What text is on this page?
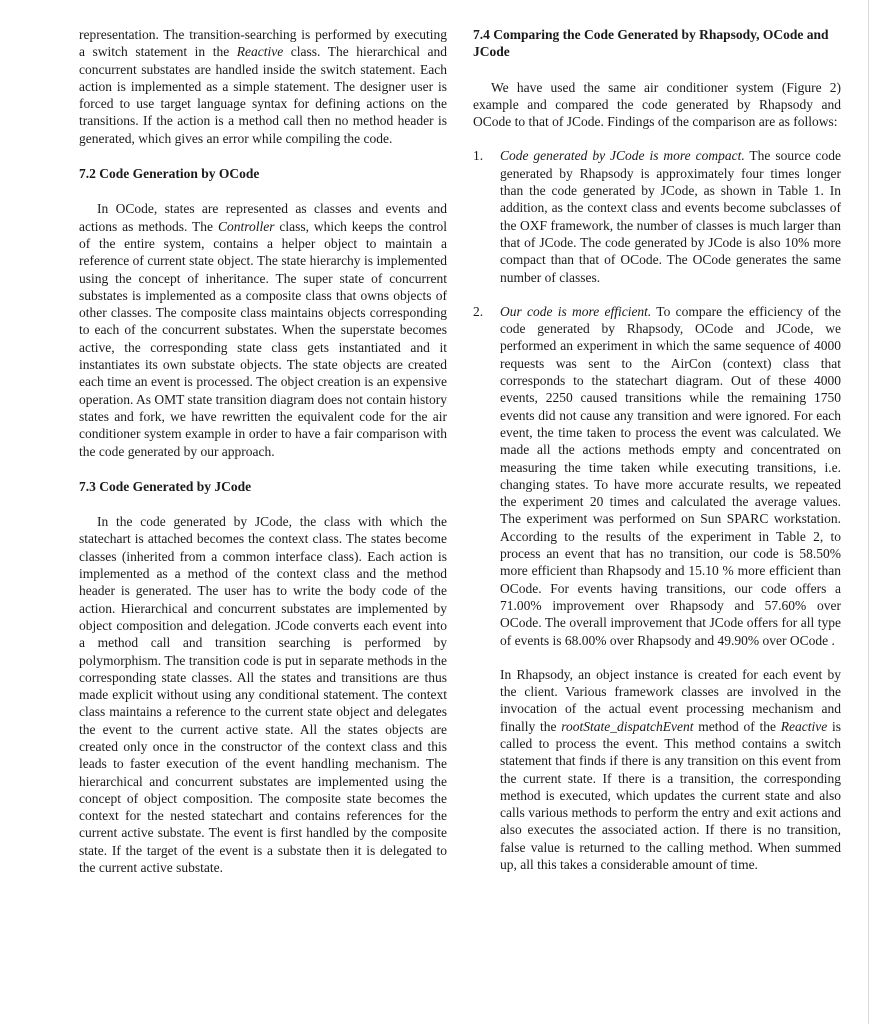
representation. The transition-searching is performed by executing a switch statement in the Reactive class. The hierarchical and concurrent substates are handled inside the switch statement. Each action is implemented as a simple statement. The designer user is forced to use target language syntax for defining actions on the transitions. If the action is a method call then no method header is generated, which gives an error while compiling the code.

7.2 Code Generation by OCode

In OCode, states are represented as classes and events and actions as methods. The Controller class, which keeps the control of the entire system, contains a helper object to maintain a reference of current state object. The state hierarchy is implemented using the concept of inheritance. The super state of concurrent substates is implemented as a composite class that owns objects of other classes. The composite class maintains objects corresponding to each of the concurrent substates. When the superstate becomes active, the corresponding state class gets instantiated and it instantiates its own substate objects. The state objects are created each time an event is processed. The object creation is an expensive operation. As OMT state transition diagram does not contain history states and fork, we have rewritten the equivalent code for the air conditioner system example in order to have a fair comparison with the code generated by our approach.

7.3 Code Generated by JCode

In the code generated by JCode, the class with which the statechart is attached becomes the context class. The states become classes (inherited from a common interface class). Each action is implemented as a method of the context class and the method header is generated. The user has to write the body code of the action. Hierarchical and concurrent substates are implemented by object composition and delegation. JCode converts each event into a method call and transition searching is performed by polymorphism. The transition code is put in separate methods in the corresponding state classes. All the states and transitions are thus made explicit without using any conditional statement. The context class maintains a reference to the current state object and delegates the event to the current active state. All the states objects are created only once in the constructor of the context class and this leads to faster execution of the event handling mechanism. The hierarchical and concurrent substates are implemented using the concept of object composition. The composite state becomes the context for the nested statechart and contains references for the current active substate. The event is first handled by the composite state. If the target of the event is a substate then it is delegated to the current active substate.

7.4 Comparing the Code Generated by Rhapsody, OCode and JCode

We have used the same air conditioner system (Figure 2) example and compared the code generated by Rhapsody and OCode to that of JCode. Findings of the comparison are as follows:

1. Code generated by JCode is more compact. The source code generated by Rhapsody is approximately four times longer than the code generated by JCode, as shown in Table 1. In addition, as the context class and events become subclasses of the OXF framework, the number of classes is much larger than that of JCode. The code generated by JCode is also 10% more compact than that of OCode. The OCode generates the same number of classes.
2. Our code is more efficient. To compare the efficiency of the code generated by Rhapsody, OCode and JCode, we performed an experiment in which the same sequence of 4000 requests was sent to the AirCon (context) class that corresponds to the statechart diagram. Out of these 4000 events, 2250 caused transitions while the remaining 1750 events did not cause any transition and were ignored. For each event, the time taken to process the event was calculated. We made all the actions methods empty and concentrated on measuring the time taken while executing transitions, i.e. changing states. To have more accurate results, we repeated the experiment 20 times and calculated the average values. The experiment was performed on Sun SPARC workstation. According to the results of the experiment in Table 2, to process an event that has no transition, our code is 58.50% more efficient than Rhapsody and 15.10 % more efficient than OCode. For events having transitions, our code offers a 71.00% improvement over Rhapsody and 57.60% over OCode. The overall improvement that JCode offers for all type of events is 68.00% over Rhapsody and 49.90% over OCode .

In Rhapsody, an object instance is created for each event by the client. Various framework classes are involved in the invocation of the actual event processing mechanism and finally the rootState_dispatchEvent method of the Reactive is called to process the event. This method contains a switch statement that finds if there is any transition on this event from the current state. If there is a transition, the corresponding method is executed, which updates the current state and also calls various methods to perform the entry and exit actions and also executes the associated action. If there is no transition, false value is returned to the calling method. When summed up, all this takes a considerable amount of time.
